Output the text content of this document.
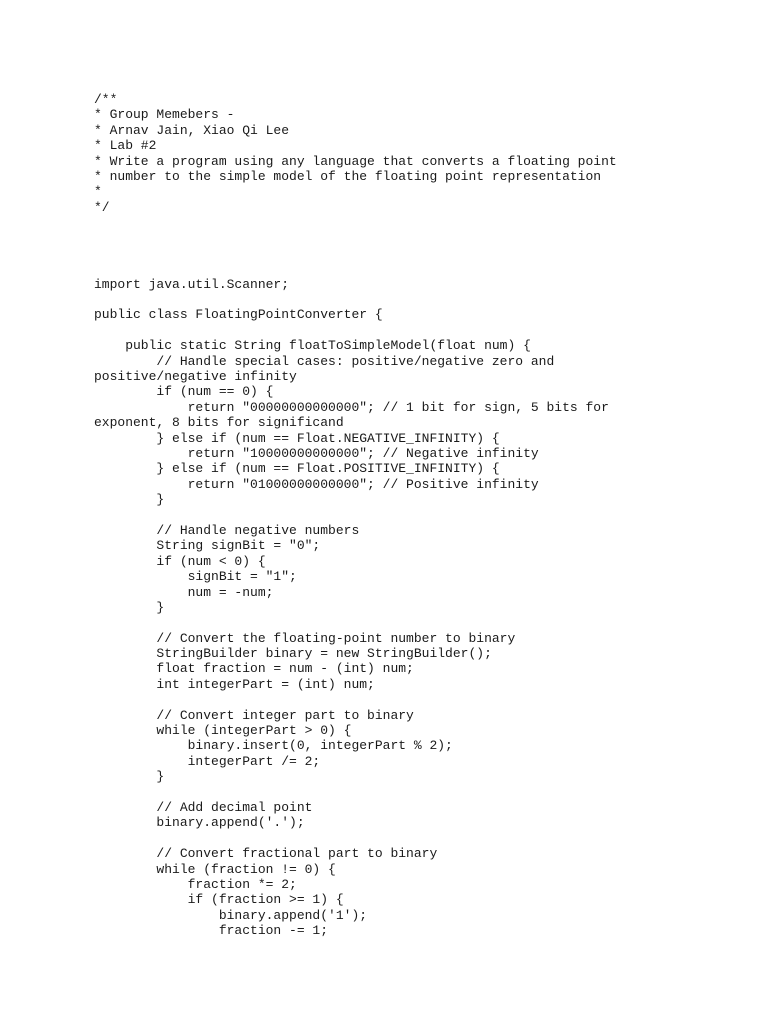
/**
* Group Memebers -
* Arnav Jain, Xiao Qi Lee
* Lab #2
* Write a program using any language that converts a floating point
* number to the simple model of the floating point representation
*
*/
import java.util.Scanner;
public class FloatingPointConverter {
public static String floatToSimpleModel(float num) {
// Handle special cases: positive/negative zero and
positive/negative infinity
if (num == 0) {
return "00000000000000"; // 1 bit for sign, 5 bits for
exponent, 8 bits for significand
} else if (num == Float.NEGATIVE_INFINITY) {
return "10000000000000"; // Negative infinity
} else if (num == Float.POSITIVE_INFINITY) {
return "01000000000000"; // Positive infinity
}
// Handle negative numbers
String signBit = "0";
if (num < 0) {
signBit = "1";
num = -num;
}
// Convert the floating-point number to binary
StringBuilder binary = new StringBuilder();
float fraction = num - (int) num;
int integerPart = (int) num;
// Convert integer part to binary
while (integerPart > 0) {
binary.insert(0, integerPart % 2);
integerPart /= 2;
}
// Add decimal point
binary.append('.');
// Convert fractional part to binary
while (fraction != 0) {
fraction *= 2;
if (fraction >= 1) {
binary.append('1');
fraction -= 1;
